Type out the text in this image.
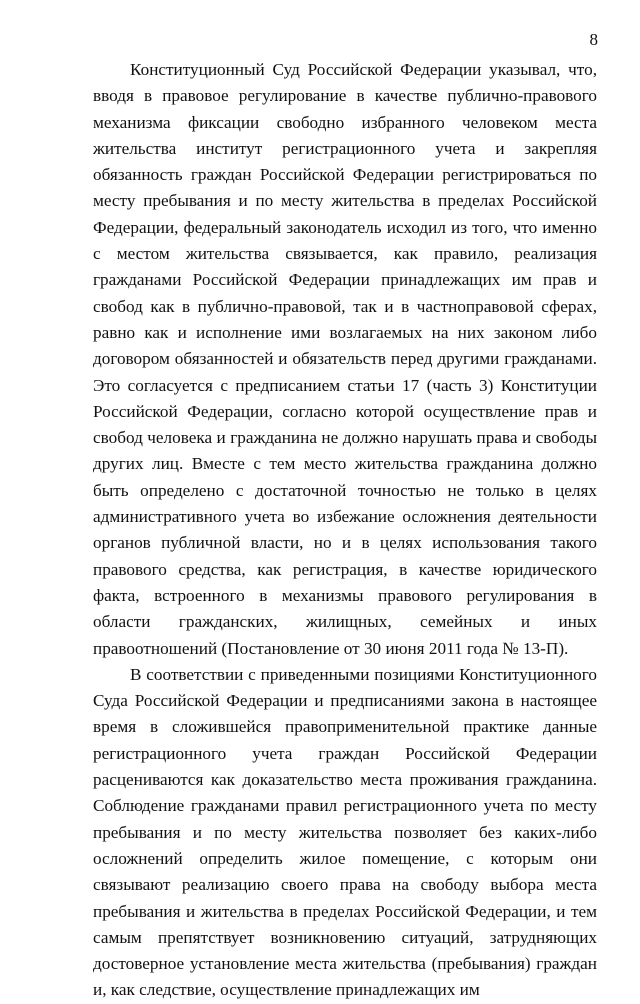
8

Конституционный Суд Российской Федерации указывал, что, вводя в правовое регулирование в качестве публично-правового механизма фиксации свободно избранного человеком места жительства институт регистрационного учета и закрепляя обязанность граждан Российской Федерации регистрироваться по месту пребывания и по месту жительства в пределах Российской Федерации, федеральный законодатель исходил из того, что именно с местом жительства связывается, как правило, реализация гражданами Российской Федерации принадлежащих им прав и свобод как в публично-правовой, так и в частноправовой сферах, равно как и исполнение ими возлагаемых на них законом либо договором обязанностей и обязательств перед другими гражданами. Это согласуется с предписанием статьи 17 (часть 3) Конституции Российской Федерации, согласно которой осуществление прав и свобод человека и гражданина не должно нарушать права и свободы других лиц. Вместе с тем место жительства гражданина должно быть определено с достаточной точностью не только в целях административного учета во избежание осложнения деятельности органов публичной власти, но и в целях использования такого правового средства, как регистрация, в качестве юридического факта, встроенного в механизмы правового регулирования в области гражданских, жилищных, семейных и иных правоотношений (Постановление от 30 июня 2011 года № 13-П).

В соответствии с приведенными позициями Конституционного Суда Российской Федерации и предписаниями закона в настоящее время в сложившейся правоприменительной практике данные регистрационного учета граждан Российской Федерации расцениваются как доказательство места проживания гражданина. Соблюдение гражданами правил регистрационного учета по месту пребывания и по месту жительства позволяет без каких-либо осложнений определить жилое помещение, с которым они связывают реализацию своего права на свободу выбора места пребывания и жительства в пределах Российской Федерации, и тем самым препятствует возникновению ситуаций, затрудняющих достоверное установление места жительства (пребывания) граждан и, как следствие, осуществление принадлежащих им
